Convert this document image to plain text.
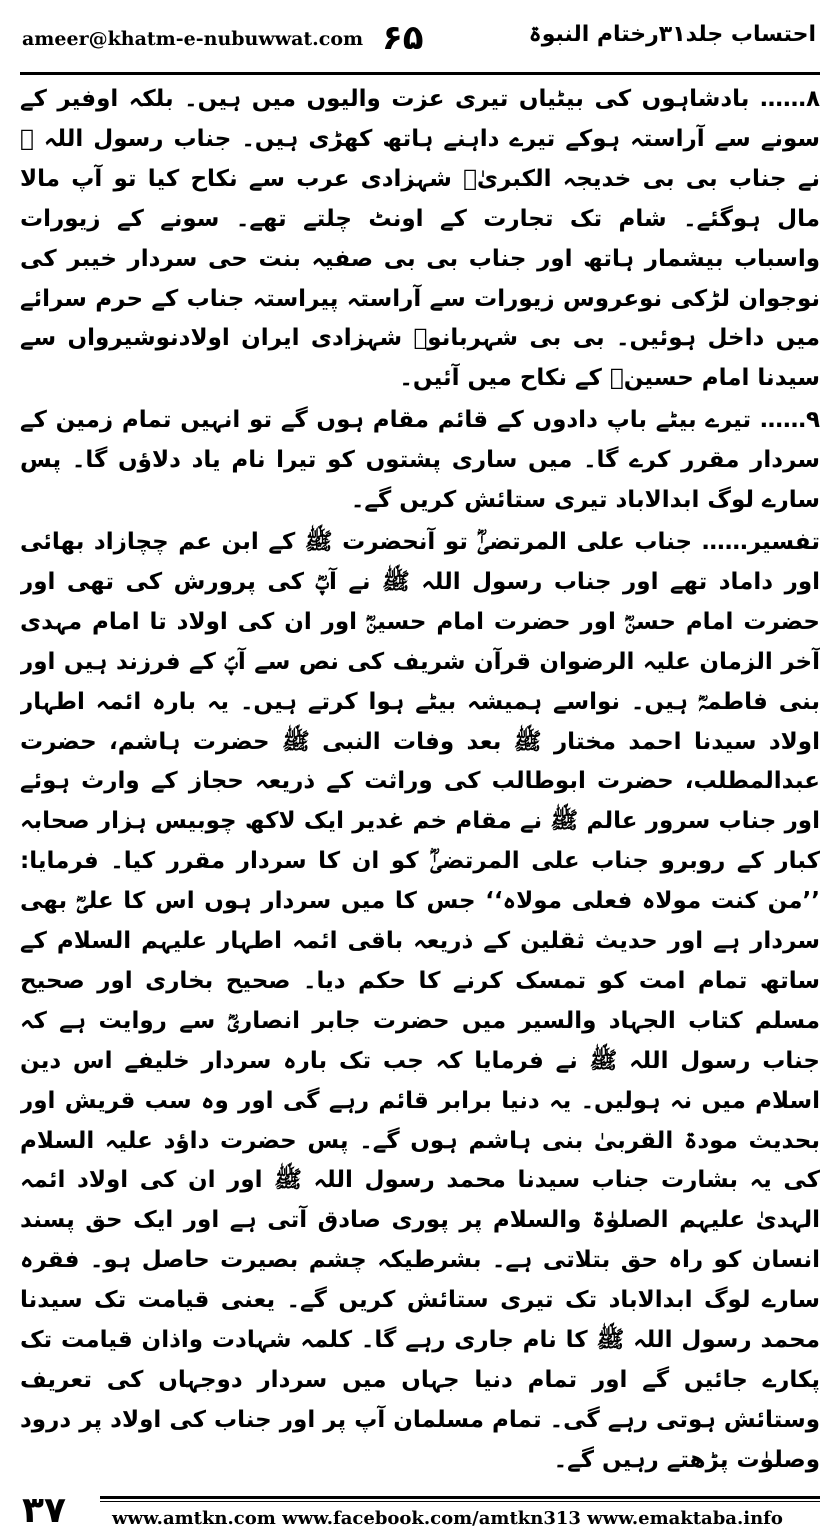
ameer@khatm-e-nubuwwat.com ۶۵	احتساب جلد۳۱رختام النبوۃ

۸…… بادشاہوں کی بیٹیاں تیری عزت والیوں میں ہیں۔ بلکہ اوفیر کے سونے سے آراستہ ہوکے تیرے داہنے ہاتھ کھڑی ہیں۔ جناب رسول اللہ ﷺ نے جناب بی بی خدیجہ الکبریٰؓ شہزادی عرب سے نکاح کیا تو آپ مالا مال ہوگئے۔ شام تک تجارت کے اونٹ چلتے تھے۔ سونے کے زیورات واسباب بیشمار ہاتھ اور جناب بی بی صفیہ بنت حی سردار خیبر کی نوجوان لڑکی نوعروس زیورات سے آراستہ پیراستہ جناب کے حرم سرائے میں داخل ہوئیں۔ بی بی شہربانوؓ شہزادی ایران اولادنوشیرواں سے سیدنا امام حسینؓ کے نکاح میں آئیں۔

۹…… تیرے بیٹے باپ دادوں کے قائم مقام ہوں گے تو انہیں تمام زمین کے سردار مقرر کرے گا۔ میں ساری پشتوں کو تیرا نام یاد دلاؤں گا۔ پس سارے لوگ ابدالاباد تیری ستائش کریں گے۔

تفسیر…… جناب علی المرتضیٰؓ تو آنحضرت ﷺ کے ابن عم چچازاد بھائی اور داماد تھے اور جناب رسول اللہ ﷺ نے آپؓ کی پرورش کی تھی اور حضرت امام حسنؓ اور حضرت امام حسینؓ اور ان کی اولاد تا امام مہدی آخر الزمان علیہ الرضوان قرآن شریف کی نص سے آپؐ کے فرزند ہیں اور بنی فاطمہؓ ہیں۔ نواسے ہمیشہ بیٹے ہوا کرتے ہیں۔ یہ بارہ ائمہ اطہار اولاد سیدنا احمد مختار ﷺ بعد وفات النبی ﷺ حضرت ہاشم، حضرت عبدالمطلب، حضرت ابوطالب کی وراثت کے ذریعہ حجاز کے وارث ہوئے اور جناب سرور عالم ﷺ نے مقام خم غدیر ایک لاکھ چوبیس ہزار صحابہ کبار کے روبرو جناب علی المرتضیٰؓ کو ان کا سردار مقرر کیا۔ فرمایا: ’’من کنت مولاہ فعلی مولاہ‘‘ جس کا میں سردار ہوں اس کا علیؓ بھی سردار ہے اور حدیث ثقلین کے ذریعہ باقی ائمہ اطہار علیہم السلام کے ساتھ تمام امت کو تمسک کرنے کا حکم دیا۔ صحیح بخاری اور صحیح مسلم کتاب الجہاد والسیر میں حضرت جابر انصاریؓ سے روایت ہے کہ جناب رسول اللہ ﷺ نے فرمایا کہ جب تک بارہ سردار خلیفے اس دین اسلام میں نہ ہولیں۔ یہ دنیا برابر قائم رہے گی اور وہ سب قریش اور بحدیث مودۃ القربیٰ بنی ہاشم ہوں گے۔ پس حضرت داؤد علیہ السلام کی یہ بشارت جناب سیدنا محمد رسول اللہ ﷺ اور ان کی اولاد ائمہ الہدیٰ علیہم الصلوٰۃ والسلام پر پوری صادق آتی ہے اور ایک حق پسند انسان کو راہ حق بتلاتی ہے۔ بشرطیکہ چشم بصیرت حاصل ہو۔ فقرہ سارے لوگ ابدالاباد تک تیری ستائش کریں گے۔ یعنی قیامت تک سیدنا محمد رسول اللہ ﷺ کا نام جاری رہے گا۔ کلمہ شہادت واذان قیامت تک پکارے جائیں گے اور تمام دنیا جہاں میں سردار دوجہاں کی تعریف وستائش ہوتی رہے گی۔ تمام مسلمان آپ پر اور جناب کی اولاد پر درود وصلوٰت پڑھتے رہیں گے۔

۳۷	www.amtkn.com www.facebook.com/amtkn313 www.emaktaba.info
